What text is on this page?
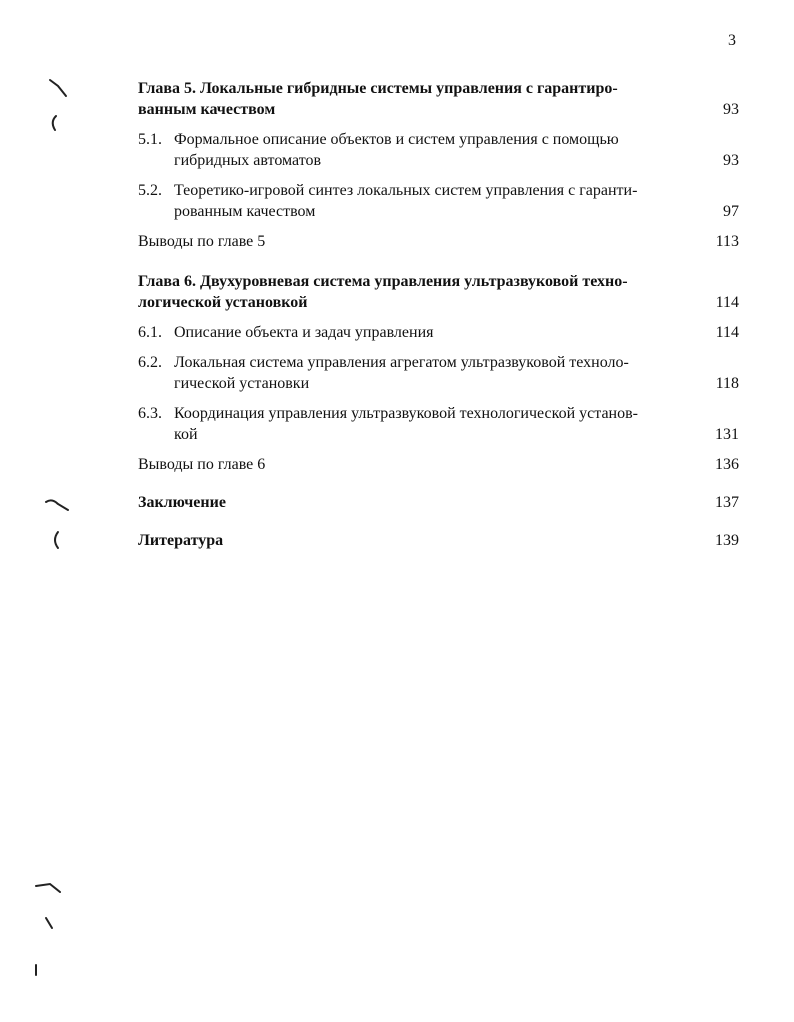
3
Глава 5. Локальные гибридные системы управления с гарантиро-
ванным качеством	93
5.1. Формальное описание объектов и систем управления с помощью
гибридных автоматов	93
5.2. Теоретико-игровой синтез локальных систем управления с гаранти-
рованным качеством	97
Выводы по главе 5	113
Глава 6. Двухуровневая система управления ультразвуковой техно-
логической установкой	114
6.1. Описание объекта и задач управления	114
6.2. Локальная система управления агрегатом ультразвуковой техноло-
гической установки	118
6.3. Координация управления ультразвуковой технологической установ-
кой	131
Выводы по главе 6	136
Заключение	137
Литература	139
